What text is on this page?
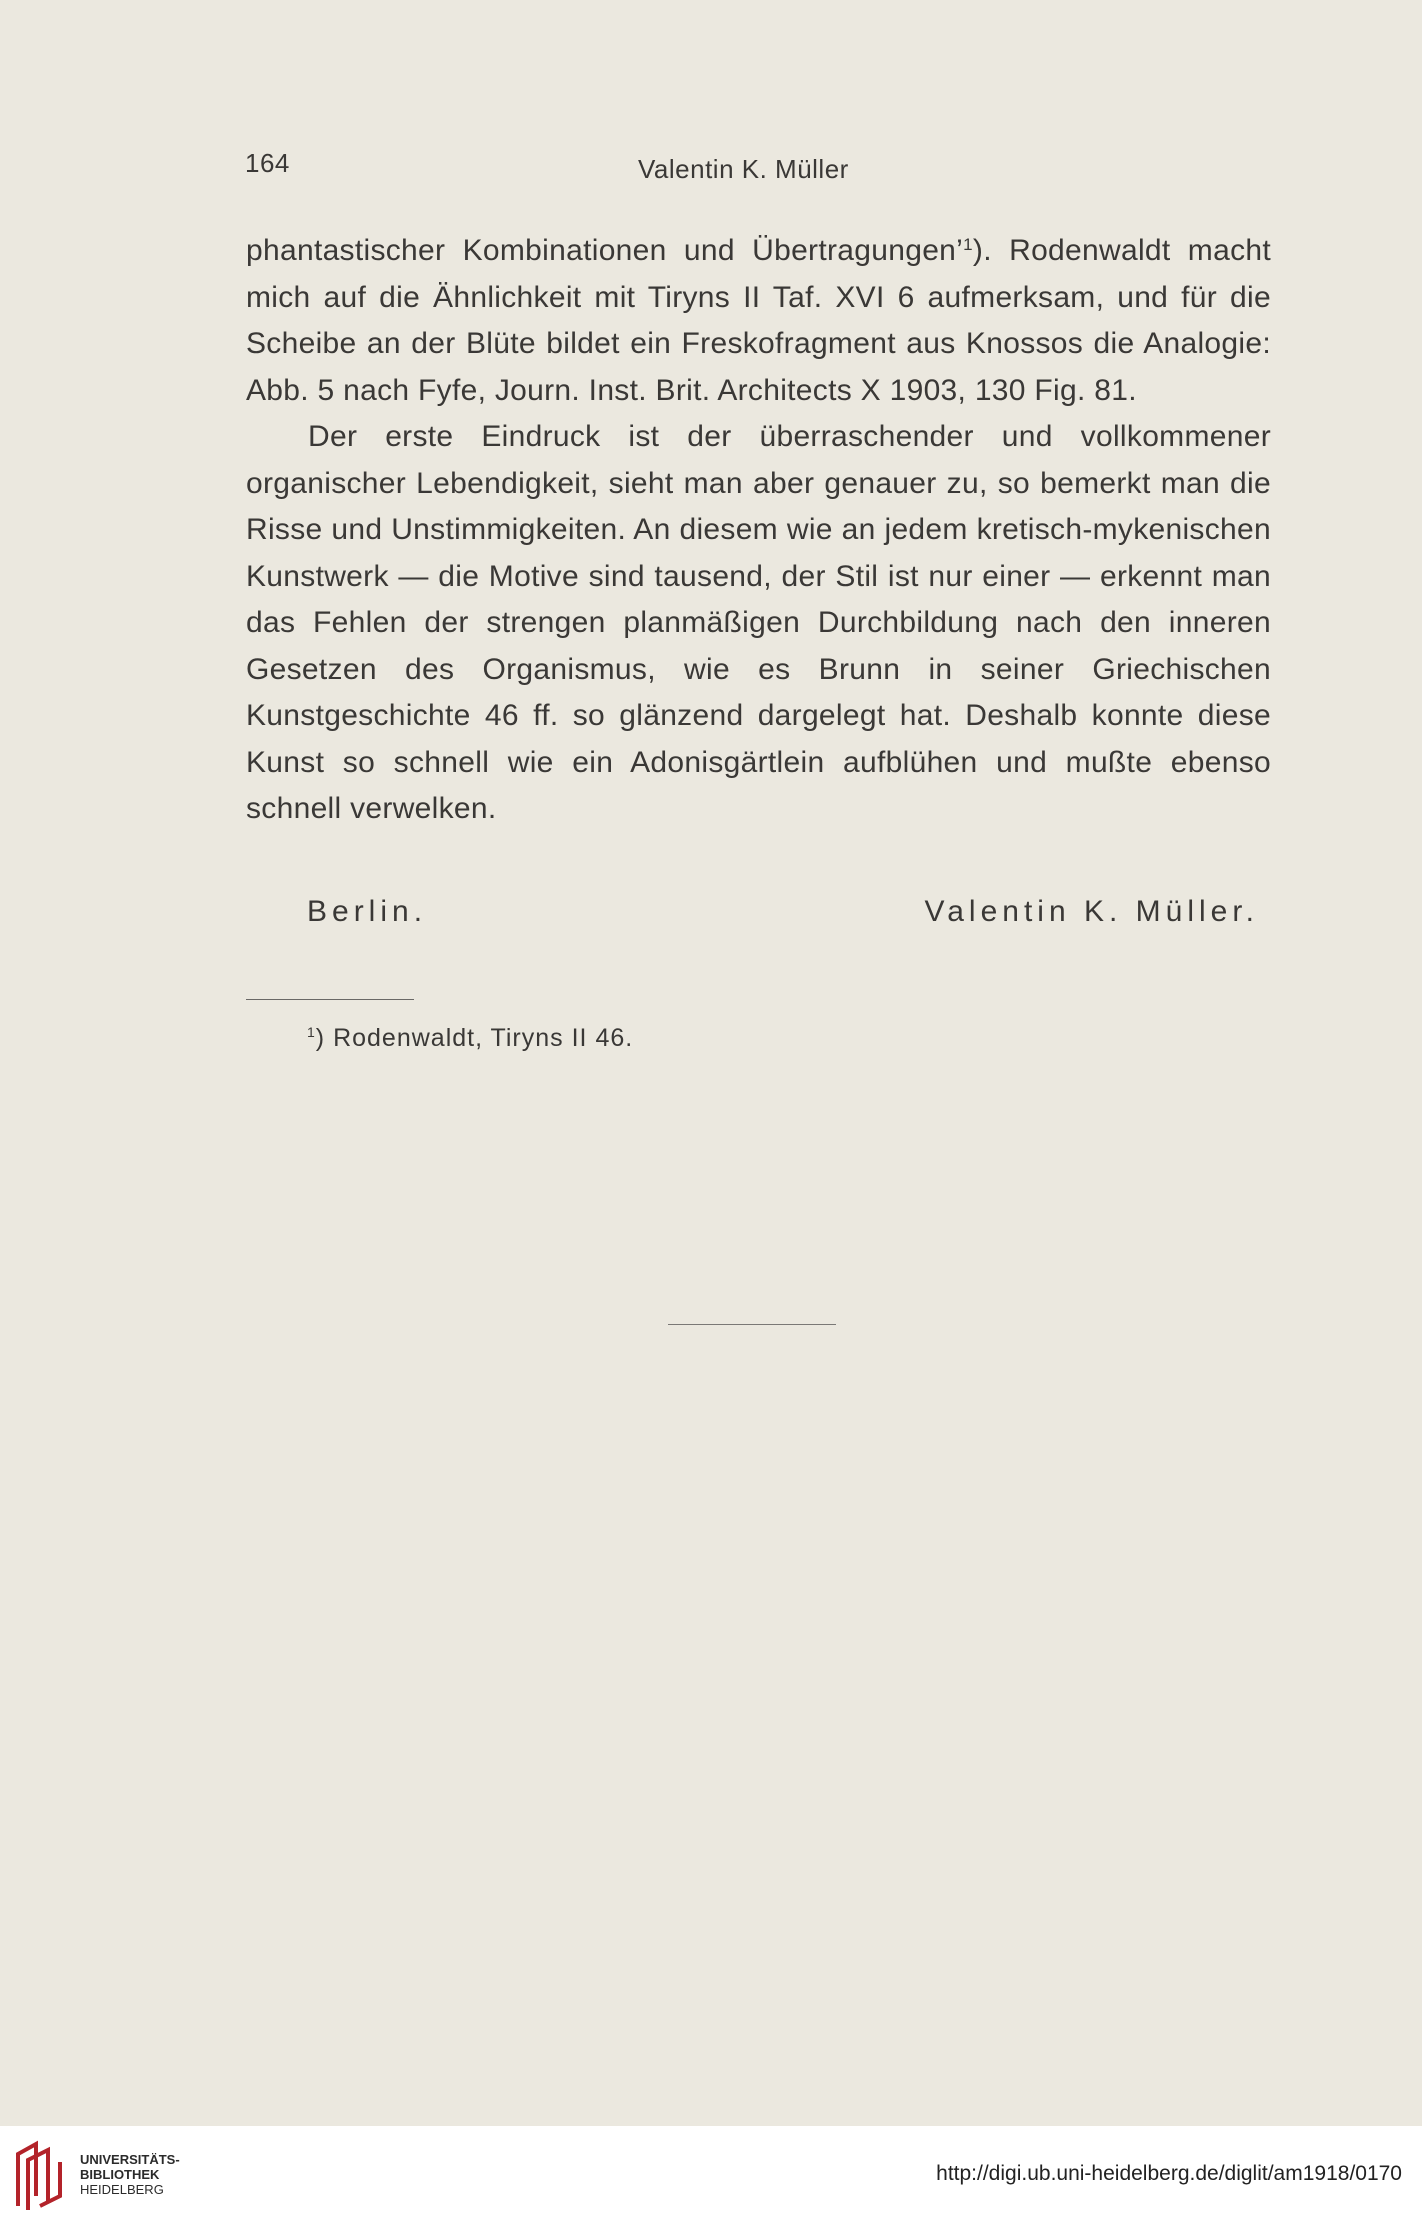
164	Valentin K. Müller

phantastischer Kombinationen und Übertragungen’$^1$). Rodenwaldt macht mich auf die Ähnlichkeit mit Tiryns II Taf. XVI 6 aufmerksam, und für die Scheibe an der Blüte bildet ein Freskofragment aus Knossos die Analogie: Abb. 5 nach Fyfe, Journ. Inst. Brit. Architects X 1903, 130 Fig. 81.

Der erste Eindruck ist der überraschender und vollkommener organischer Lebendigkeit, sieht man aber genauer zu, so bemerkt man die Risse und Unstimmigkeiten. An diesem wie an jedem kretisch-mykenischen Kunstwerk — die Motive sind tausend, der Stil ist nur einer — erkennt man das Fehlen der strengen planmäßigen Durchbildung nach den inneren Gesetzen des Organismus, wie es Brunn in seiner Griechischen Kunstgeschichte 46 ff. so glänzend dargelegt hat. Deshalb konnte diese Kunst so schnell wie ein Adonisgärtlein aufblühen und mußte ebenso schnell verwelken.

Berlin.	Valentin K. Müller.
$^1$) Rodenwaldt, Tiryns II 46.
UNIVERSITÄTS-
BIBLIOTHEK
HEIDELBERG
http://digi.ub.uni-heidelberg.de/diglit/am1918/0170
